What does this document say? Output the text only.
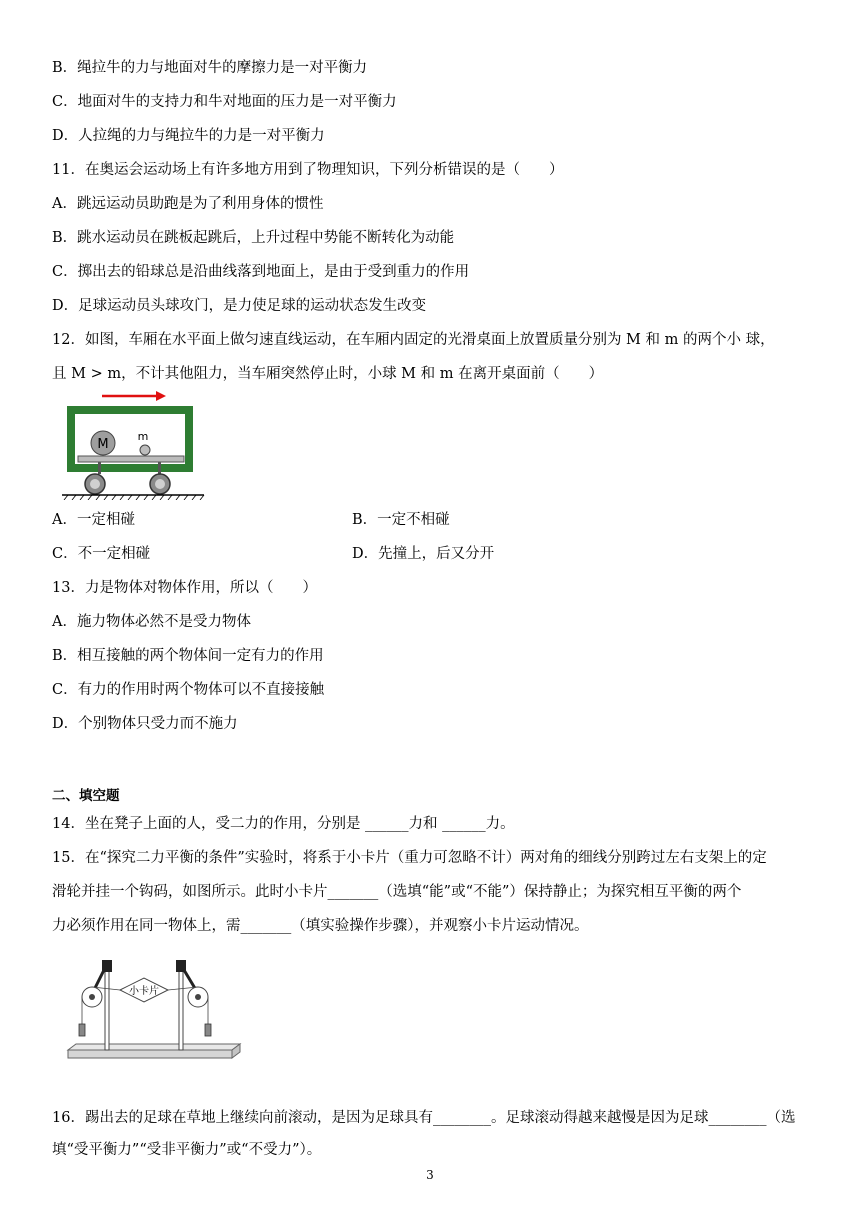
B．绳拉牛的力与地面对牛的摩擦力是一对平衡力
C．地面对牛的支持力和牛对地面的压力是一对平衡力
D．人拉绳的力与绳拉牛的力是一对平衡力
11．在奥运会运动场上有许多地方用到了物理知识，下列分析错误的是（　　）
A．跳远运动员助跑是为了利用身体的惯性
B．跳水运动员在跳板起跳后，上升过程中势能不断转化为动能
C．掷出去的铅球总是沿曲线落到地面上，是由于受到重力的作用
D．足球运动员头球攻门，是力使足球的运动状态发生改变
12．如图，车厢在水平面上做匀速直线运动，在车厢内固定的光滑桌面上放置质量分别为 M 和 m 的两个小 球，
且 M > m，不计其他阻力，当车厢突然停止时，小球 M 和 m 在离开桌面前（　　）
M
m
A．一定相碰	B．一定不相碰
C．不一定相碰	D．先撞上，后又分开
13．力是物体对物体作用，所以（　　）
A．施力物体必然不是受力物体
B．相互接触的两个物体间一定有力的作用
C．有力的作用时两个物体可以不直接接触
D．个别物体只受力而不施力
二、填空题
14．坐在凳子上面的人，受二力的作用，分别是 ______力和 ______力。
15．在“探究二力平衡的条件”实验时，将系于小卡片（重力可忽略不计）两对角的细线分别跨过左右支架上的定
滑轮并挂一个钩码，如图所示。此时小卡片_______（选填“能”或“不能”）保持静止；为探究相互平衡的两个
力必须作用在同一物体上，需_______（填实验操作步骤），并观察小卡片运动情况。
小卡片
16．踢出去的足球在草地上继续向前滚动，是因为足球具有________。足球滚动得越来越慢是因为足球________（选
填“受平衡力”“受非平衡力”或“不受力”）。
3
